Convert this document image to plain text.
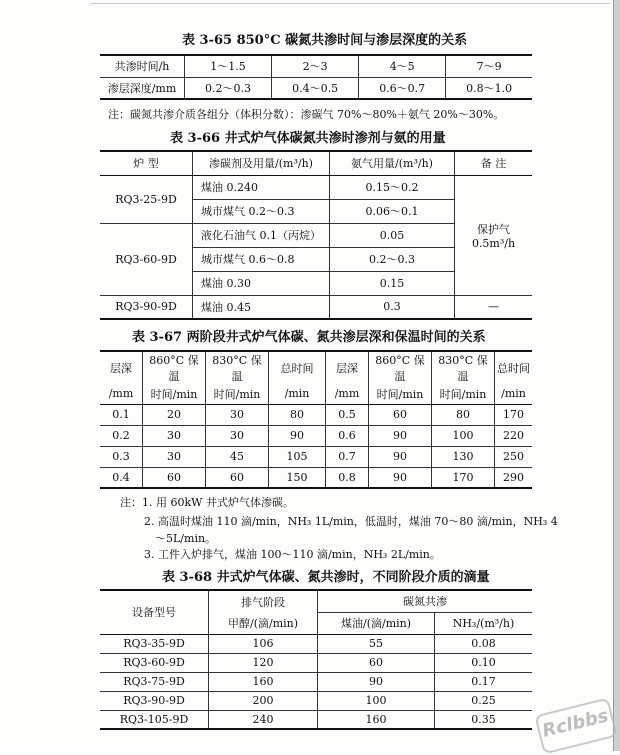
表 3-65 850°C 碳氮共渗时间与渗层深度的关系
共渗时间/h	1～1.5	2～3	4～5	7～9
渗层深度/mm	0.2～0.3	0.4～0.5	0.6～0.7	0.8～1.0
注：碳氮共渗介质各组分（体积分数）：渗碳气 70%～80%＋氨气 20%～30%。
表 3-66 井式炉气体碳氮共渗时渗剂与氨的用量
炉 型	渗碳剂及用量/(m³/h)	氨气用量/(m³/h)	备 注
RQ3-25-9D	煤油 0.240	0.15～0.2	保护气 0.5m³/h
	城市煤气 0.2～0.3	0.06～0.1	
RQ3-60-9D	液化石油气 0.1（丙烷）	0.05	
	城市煤气 0.6～0.8	0.2～0.3	
	煤油 0.30	0.15	
RQ3-90-9D	煤油 0.45	0.3	—
表 3-67 两阶段井式炉气体碳、氮共渗层深和保温时间的关系
层深	860°C 保温	830°C 保温	总时间	层深	860°C 保温	830°C 保温	总时间
/mm	时间/min	时间/min	/min	/mm	时间/min	时间/min	/min
0.1	20	30	80	0.5	60	80	170
0.2	30	30	90	0.6	90	100	220
0.3	30	45	105	0.7	90	130	250
0.4	60	60	150	0.8	90	170	290
注：1. 用 60kW 井式炉气体渗碳。
2. 高温时煤油 110 滴/min，NH₃ 1L/min，低温时，煤油 70～80 滴/min，NH₃ 4
～5L/min。
3. 工件入炉排气，煤油 100～110 滴/min，NH₃ 2L/min。
表 3-68 井式炉气体碳、氮共渗时，不同阶段介质的滴量
设备型号	排气阶段	碳氮共渗	
	甲醇/(滴/min)	煤油/(滴/min)	NH₃/(m³/h)
RQ3-35-9D	106	55	0.08
RQ3-60-9D	120	60	0.10
RQ3-75-9D	160	90	0.17
RQ3-90-9D	200	100	0.25
RQ3-105-9D	240	160	0.35	Rclbbs
